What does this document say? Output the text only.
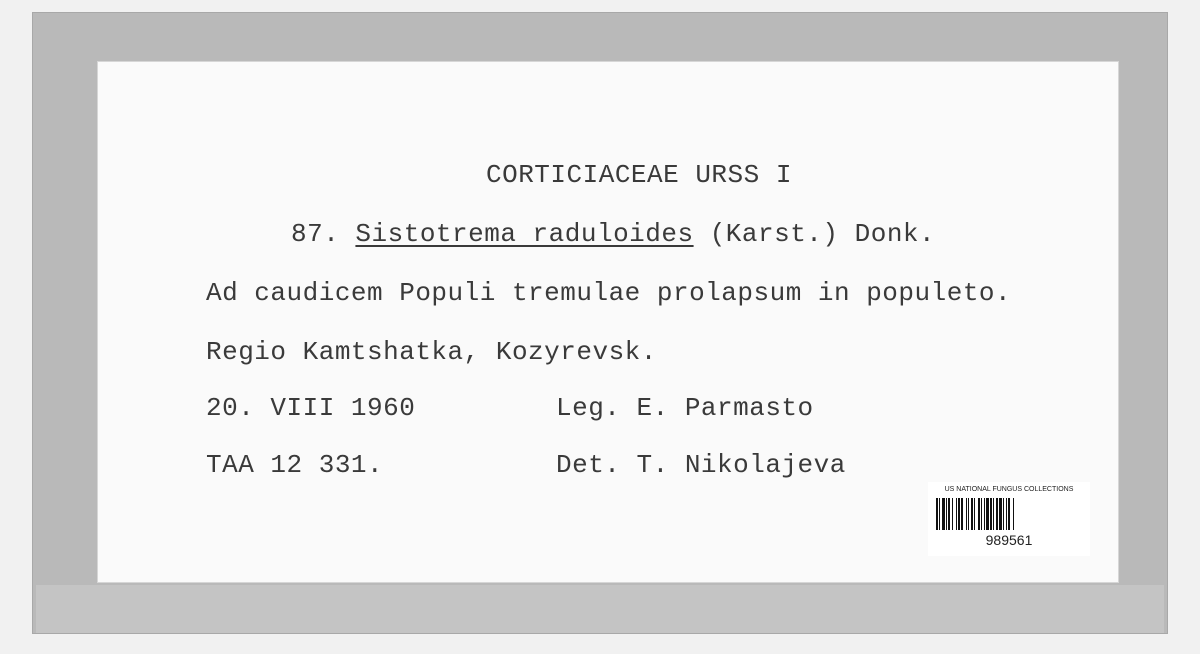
CORTICIACEAE URSS I
87. Sistotrema raduloides (Karst.) Donk.
Ad caudicem Populi tremulae prolapsum in populeto.
Regio Kamtshatka, Kozyrevsk.
20. VIII 1960	Leg. E. Parmasto
TAA 12 331.	Det. T. Nikolajeva
US NATIONAL FUNGUS COLLECTIONS
989561
